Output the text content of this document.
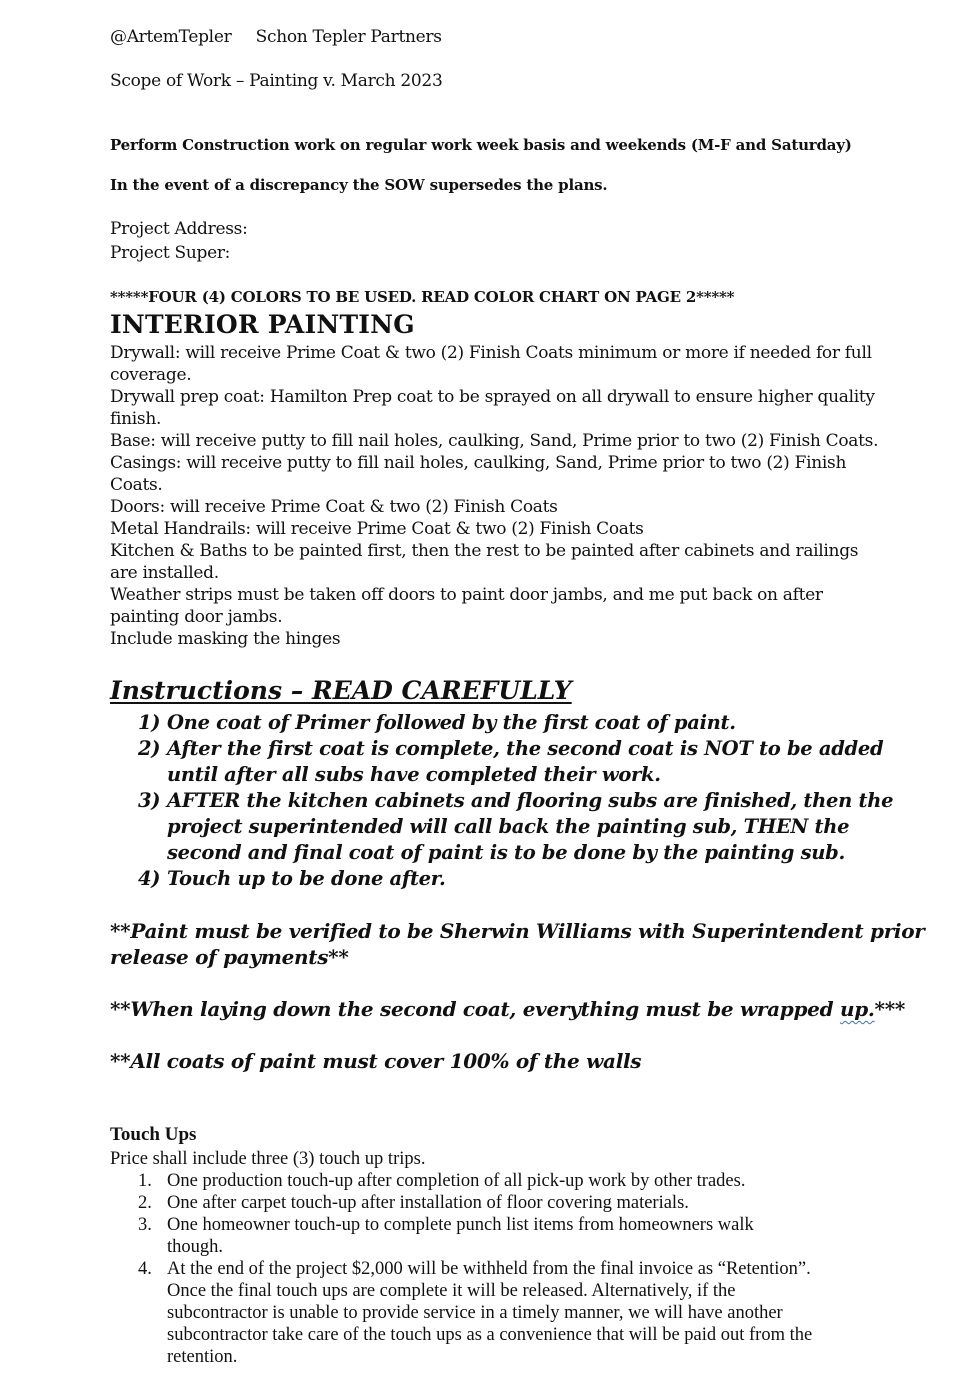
@ArtemTepler Schon Tepler Partners
Scope of Work – Painting v. March 2023
Perform Construction work on regular work week basis and weekends (M-F and Saturday)
In the event of a discrepancy the SOW supersedes the plans.
Project Address:
Project Super:
*****FOUR (4) COLORS TO BE USED. READ COLOR CHART ON PAGE 2*****
INTERIOR PAINTING
Drywall: will receive Prime Coat & two (2) Finish Coats minimum or more if needed for full
coverage.
Drywall prep coat: Hamilton Prep coat to be sprayed on all drywall to ensure higher quality
finish.
Base: will receive putty to fill nail holes, caulking, Sand, Prime prior to two (2) Finish Coats.
Casings: will receive putty to fill nail holes, caulking, Sand, Prime prior to two (2) Finish
Coats.
Doors: will receive Prime Coat & two (2) Finish Coats
Metal Handrails: will receive Prime Coat & two (2) Finish Coats
Kitchen & Baths to be painted first, then the rest to be painted after cabinets and railings
are installed.
Weather strips must be taken off doors to paint door jambs, and me put back on after
painting door jambs.
Include masking the hinges
Instructions – READ CAREFULLY
1) One coat of Primer followed by the first coat of paint.
2) After the first coat is complete, the second coat is NOT to be added
until after all subs have completed their work.
3) AFTER the kitchen cabinets and flooring subs are finished, then the
project superintended will call back the painting sub, THEN the
second and final coat of paint is to be done by the painting sub.
4) Touch up to be done after.
**Paint must be verified to be Sherwin Williams with Superintendent prior
release of payments**
**When laying down the second coat, everything must be wrapped up.***
**All coats of paint must cover 100% of the walls
Touch Ups
Price shall include three (3) touch up trips.
1. One production touch-up after completion of all pick-up work by other trades.
2. One after carpet touch-up after installation of floor covering materials.
3. One homeowner touch-up to complete punch list items from homeowners walk
though.
4. At the end of the project $2,000 will be withheld from the final invoice as “Retention”.
Once the final touch ups are complete it will be released. Alternatively, if the
subcontractor is unable to provide service in a timely manner, we will have another
subcontractor take care of the touch ups as a convenience that will be paid out from the
retention.
